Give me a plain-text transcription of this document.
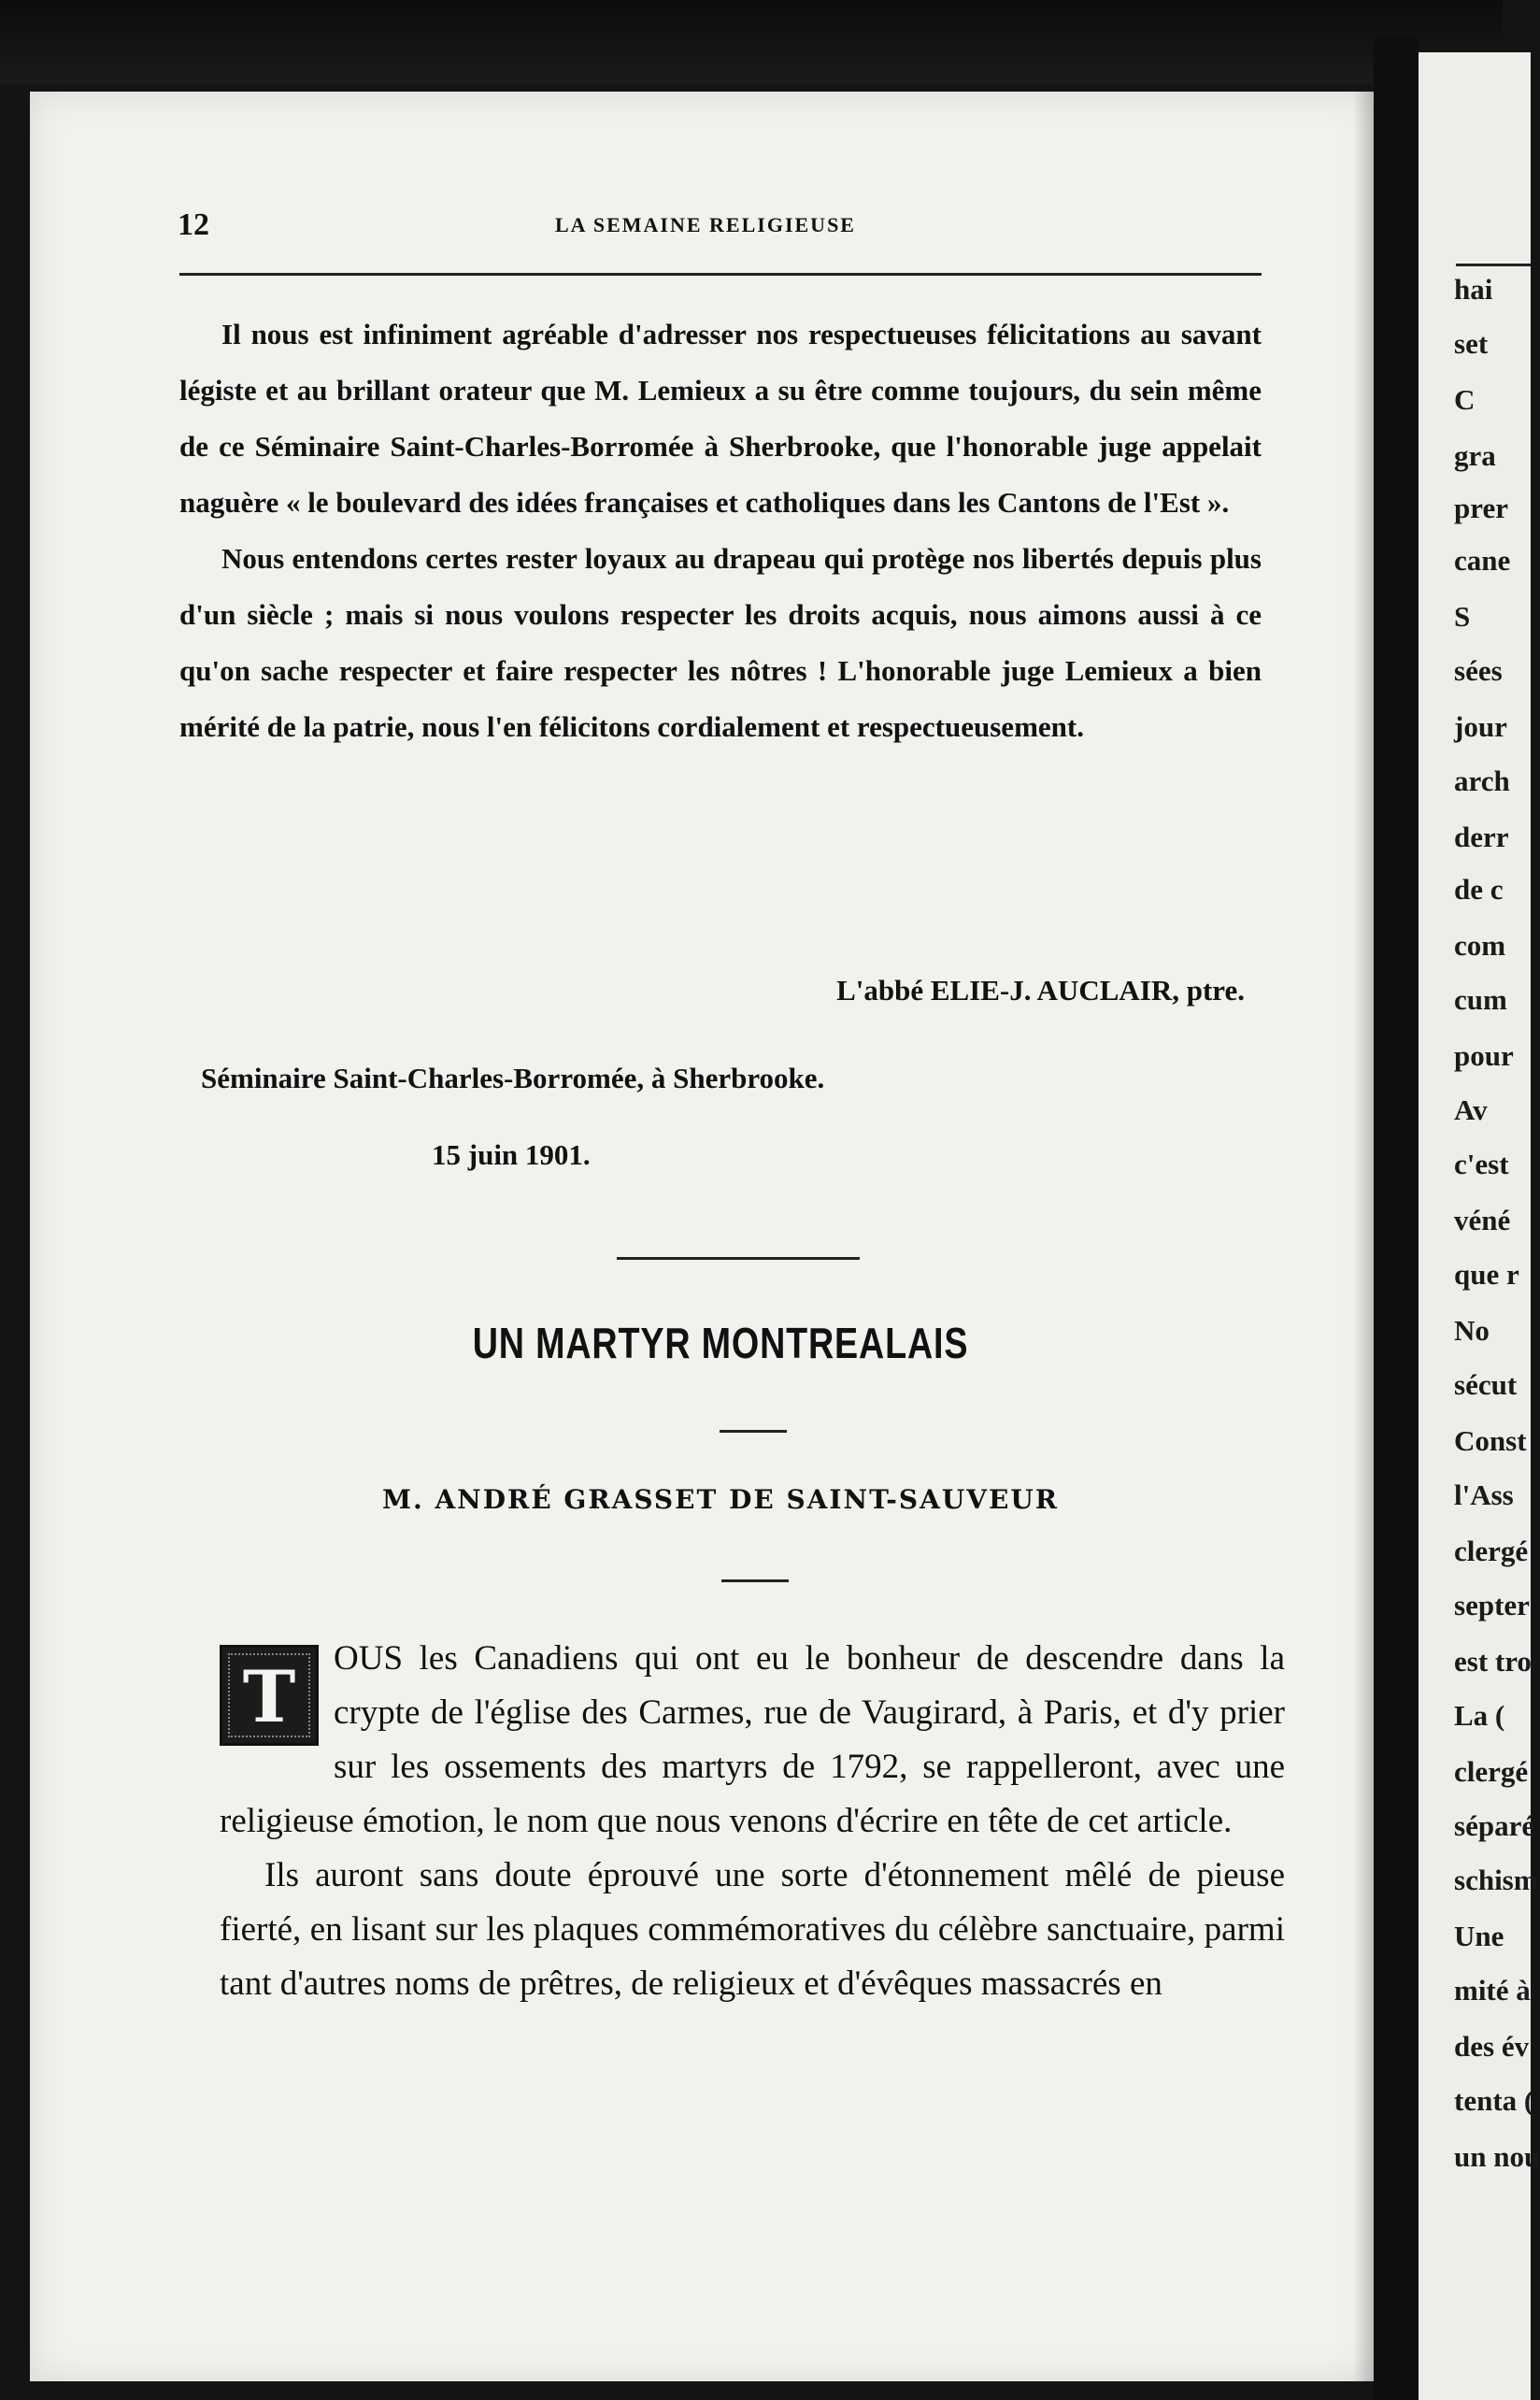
hai
set
C
gra
prer
cane
S
sées
jour
arch
derr
de c
com
cum
pour
Av
c'est
véné
que r
No
sécut
Const
l'Ass
clergé
septer
est tro
La (
clergé
séparé
schism
Une
mité à
des év
tenta (
un nou
12	LA SEMAINE RELIGIEUSE

Il nous est infiniment agréable d'adresser nos respectueuses félicitations au savant légiste et au brillant orateur que M. Lemieux a su être comme toujours, du sein même de ce Séminaire Saint-Charles-Borromée à Sherbrooke, que l'honorable juge appelait naguère « le boulevard des idées françaises et catholiques dans les Cantons de l'Est ».

Nous entendons certes rester loyaux au drapeau qui protège nos libertés depuis plus d'un siècle ; mais si nous voulons respecter les droits acquis, nous aimons aussi à ce qu'on sache respecter et faire respecter les nôtres ! L'honorable juge Lemieux a bien mérité de la patrie, nous l'en félicitons cordialement et respectueusement.

L'abbé ELIE-J. AUCLAIR, ptre.
Séminaire Saint-Charles-Borromée, à Sherbrooke.
15 juin 1901.
UN MARTYR MONTREALAIS
M. ANDRÉ GRASSET DE SAINT-SAUVEUR

T	OUS les Canadiens qui ont eu le bonheur de descendre dans la crypte de l'église des Carmes, rue de Vaugirard, à Paris, et d'y prier sur les ossements des martyrs de 1792, se rappelleront, avec une religieuse émotion, le nom que nous venons d'écrire en tête de cet article.

Ils auront sans doute éprouvé une sorte d'étonnement mêlé de pieuse fierté, en lisant sur les plaques commémoratives du célèbre sanctuaire, parmi tant d'autres noms de prêtres, de religieux et d'évêques massacrés en
